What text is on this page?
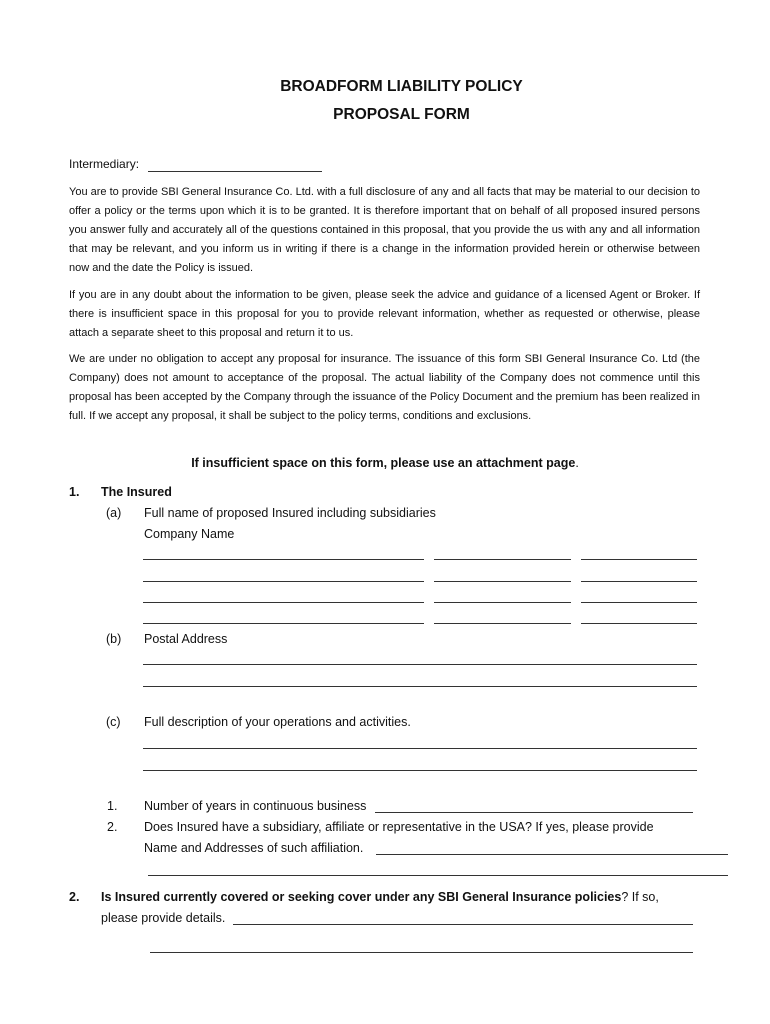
BROADFORM LIABILITY POLICY
PROPOSAL FORM
Intermediary:
You are to provide SBI General Insurance Co. Ltd. with a full disclosure of any and all facts that may be material to our decision to offer a policy or the terms upon which it is to be granted. It is therefore important that on behalf of all proposed insured persons you answer fully and accurately all of the questions contained in this proposal, that you provide the us with any and all information that may be relevant, and you inform us in writing if there is a change in the information provided herein or otherwise between now and the date the Policy is issued.
If you are in any doubt about the information to be given, please seek the advice and guidance of a licensed Agent or Broker. If there is insufficient space in this proposal for you to provide relevant information, whether as requested or otherwise, please attach a separate sheet to this proposal and return it to us.
We are under no obligation to accept any proposal for insurance. The issuance of this form SBI General Insurance Co. Ltd (the Company) does not amount to acceptance of the proposal. The actual liability of the Company does not commence until this proposal has been accepted by the Company through the issuance of the Policy Document and the premium has been realized in full. If we accept any proposal, it shall be subject to the policy terms, conditions and exclusions.
If insufficient space on this form, please use an attachment page.
1. The Insured
(a) Full name of proposed Insured including subsidiaries
Company Name
(b) Postal Address
(c) Full description of your operations and activities.
1. Number of years in continuous business
2. Does Insured have a subsidiary, affiliate or representative in the USA? If yes, please provide
Name and Addresses of such affiliation.
2. Is Insured currently covered or seeking cover under any SBI General Insurance policies? If so,
please provide details.
